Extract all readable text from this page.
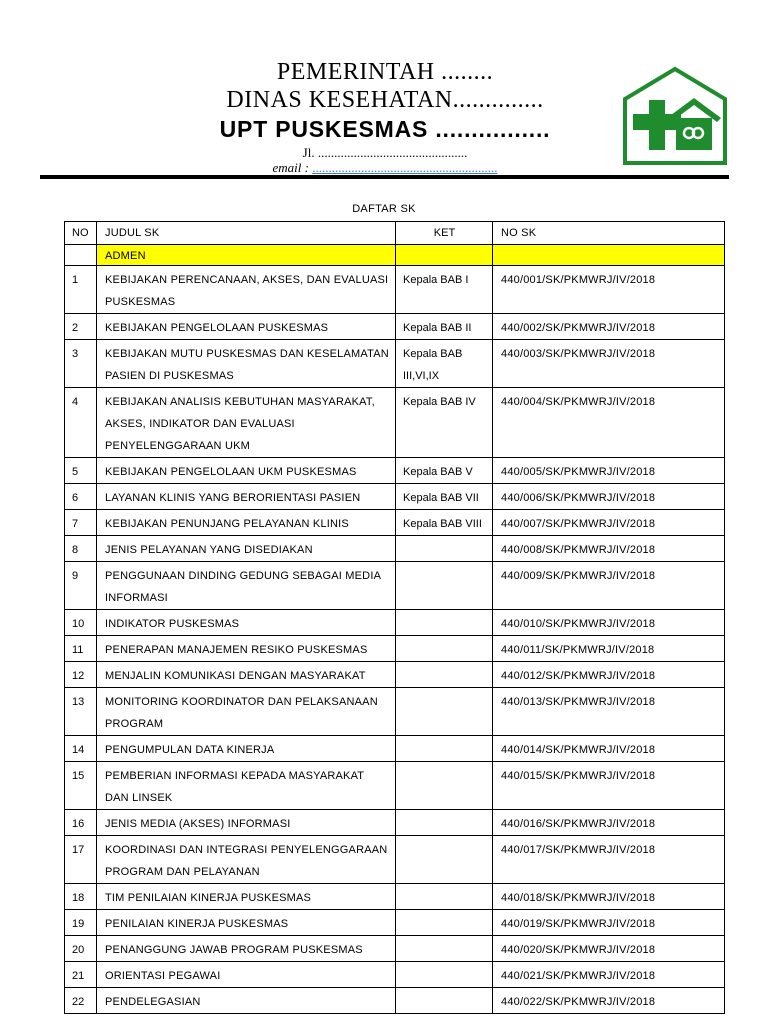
PEMERINTAH ........
DINAS KESEHATAN..............
UPT PUSKESMAS ................
Jl. ..............................................
email : .........................................................
DAFTAR SK
NO	JUDUL SK	KET	NO SK
	ADMEN		
1	KEBIJAKAN PERENCANAAN, AKSES, DAN EVALUASI PUSKESMAS	Kepala BAB I	440/001/SK/PKMWRJ/IV/2018
2	KEBIJAKAN PENGELOLAAN PUSKESMAS	Kepala BAB II	440/002/SK/PKMWRJ/IV/2018
3	KEBIJAKAN MUTU PUSKESMAS DAN KESELAMATAN PASIEN DI PUSKESMAS	Kepala BAB III,VI,IX	440/003/SK/PKMWRJ/IV/2018
4	KEBIJAKAN ANALISIS KEBUTUHAN MASYARAKAT, AKSES, INDIKATOR DAN EVALUASI PENYELENGGARAAN UKM	Kepala BAB IV	440/004/SK/PKMWRJ/IV/2018
5	KEBIJAKAN PENGELOLAAN UKM PUSKESMAS	Kepala BAB V	440/005/SK/PKMWRJ/IV/2018
6	LAYANAN KLINIS YANG BERORIENTASI PASIEN	Kepala BAB VII	440/006/SK/PKMWRJ/IV/2018
7	KEBIJAKAN PENUNJANG PELAYANAN KLINIS	Kepala BAB VIII	440/007/SK/PKMWRJ/IV/2018
8	JENIS PELAYANAN YANG DISEDIAKAN		440/008/SK/PKMWRJ/IV/2018
9	PENGGUNAAN DINDING GEDUNG SEBAGAI MEDIA INFORMASI		440/009/SK/PKMWRJ/IV/2018
10	INDIKATOR PUSKESMAS		440/010/SK/PKMWRJ/IV/2018
11	PENERAPAN MANAJEMEN RESIKO PUSKESMAS		440/011/SK/PKMWRJ/IV/2018
12	MENJALIN KOMUNIKASI DENGAN MASYARAKAT		440/012/SK/PKMWRJ/IV/2018
13	MONITORING KOORDINATOR DAN PELAKSANAAN PROGRAM		440/013/SK/PKMWRJ/IV/2018
14	PENGUMPULAN DATA KINERJA		440/014/SK/PKMWRJ/IV/2018
15	PEMBERIAN INFORMASI KEPADA MASYARAKAT DAN LINSEK		440/015/SK/PKMWRJ/IV/2018
16	JENIS MEDIA (AKSES) INFORMASI		440/016/SK/PKMWRJ/IV/2018
17	KOORDINASI DAN INTEGRASI PENYELENGGARAAN PROGRAM DAN PELAYANAN		440/017/SK/PKMWRJ/IV/2018
18	TIM PENILAIAN KINERJA PUSKESMAS		440/018/SK/PKMWRJ/IV/2018
19	PENILAIAN KINERJA PUSKESMAS		440/019/SK/PKMWRJ/IV/2018
20	PENANGGUNG JAWAB PROGRAM PUSKESMAS		440/020/SK/PKMWRJ/IV/2018
21	ORIENTASI PEGAWAI		440/021/SK/PKMWRJ/IV/2018
22	PENDELEGASIAN		440/022/SK/PKMWRJ/IV/2018
